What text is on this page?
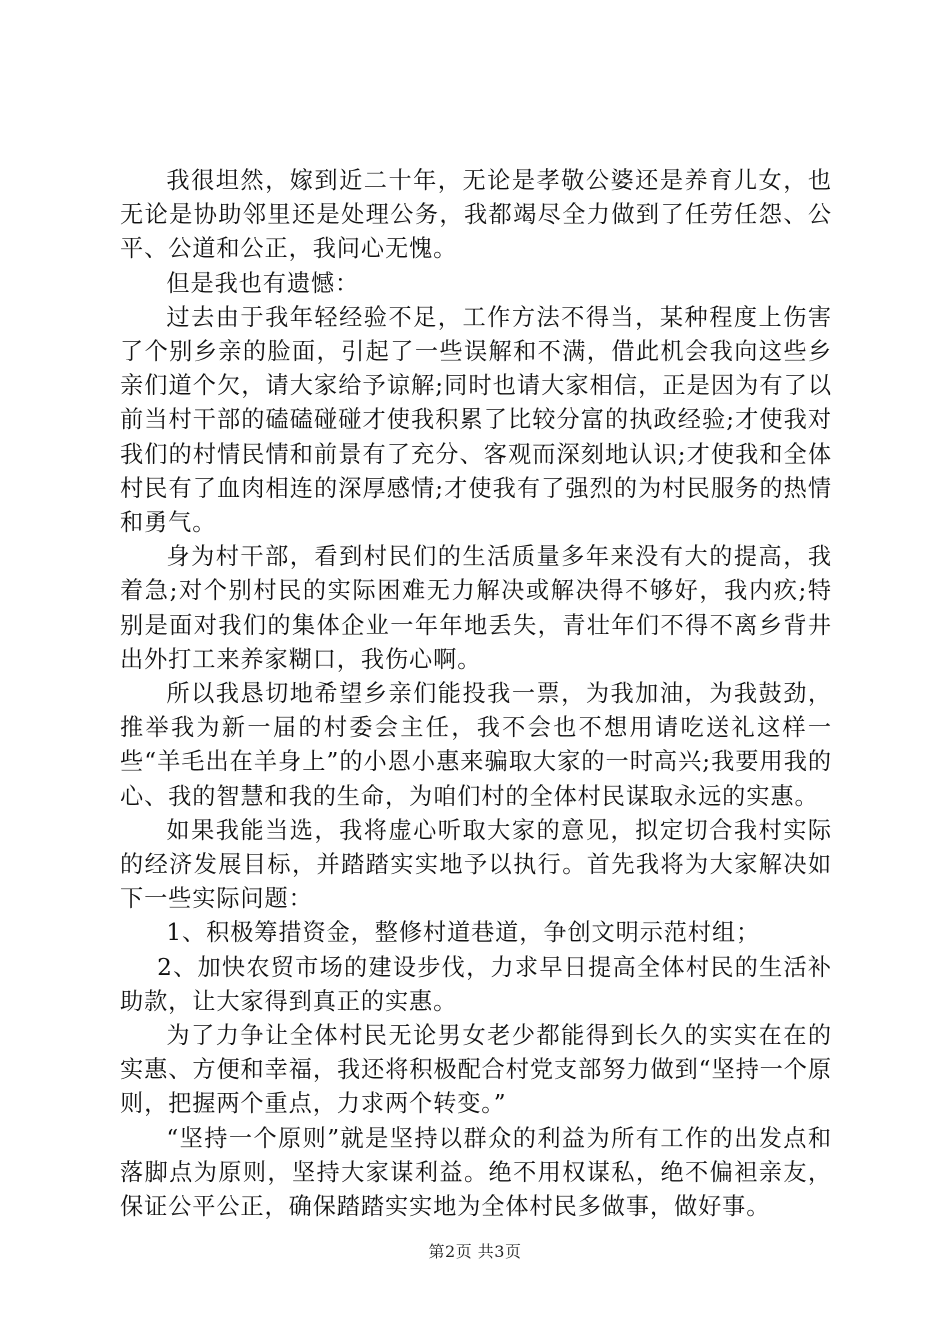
我很坦然，嫁到近二十年，无论是孝敬公婆还是养育儿女，也无论是协助邻里还是处理公务，我都竭尽全力做到了任劳任怨、公平、公道和公正，我问心无愧。

但是我也有遗憾：

过去由于我年轻经验不足，工作方法不得当，某种程度上伤害了个别乡亲的脸面，引起了一些误解和不满，借此机会我向这些乡亲们道个欠，请大家给予谅解;同时也请大家相信，正是因为有了以前当村干部的磕磕碰碰才使我积累了比较分富的执政经验;才使我对我们的村情民情和前景有了充分、客观而深刻地认识;才使我和全体村民有了血肉相连的深厚感情;才使我有了强烈的为村民服务的热情和勇气。

身为村干部，看到村民们的生活质量多年来没有大的提高，我着急;对个别村民的实际困难无力解决或解决得不够好，我内疚;特别是面对我们的集体企业一年年地丢失，青壮年们不得不离乡背井出外打工来养家糊口，我伤心啊。

所以我恳切地希望乡亲们能投我一票，为我加油，为我鼓劲，推举我为新一届的村委会主任，我不会也不想用请吃送礼这样一些“羊毛出在羊身上”的小恩小惠来骗取大家的一时高兴;我要用我的心、我的智慧和我的生命，为咱们村的全体村民谋取永远的实惠。

如果我能当选，我将虚心听取大家的意见，拟定切合我村实际的经济发展目标，并踏踏实实地予以执行。首先我将为大家解决如下一些实际问题：

1、积极筹措资金，整修村道巷道，争创文明示范村组；

2、加快农贸市场的建设步伐，力求早日提高全体村民的生活补助款，让大家得到真正的实惠。

为了力争让全体村民无论男女老少都能得到长久的实实在在的实惠、方便和幸福，我还将积极配合村党支部努力做到“坚持一个原则，把握两个重点，力求两个转变。”

“坚持一个原则”就是坚持以群众的利益为所有工作的出发点和落脚点为原则，坚持大家谋利益。绝不用权谋私，绝不偏袒亲友，保证公平公正，确保踏踏实实地为全体村民多做事，做好事。

第2页 共3页
